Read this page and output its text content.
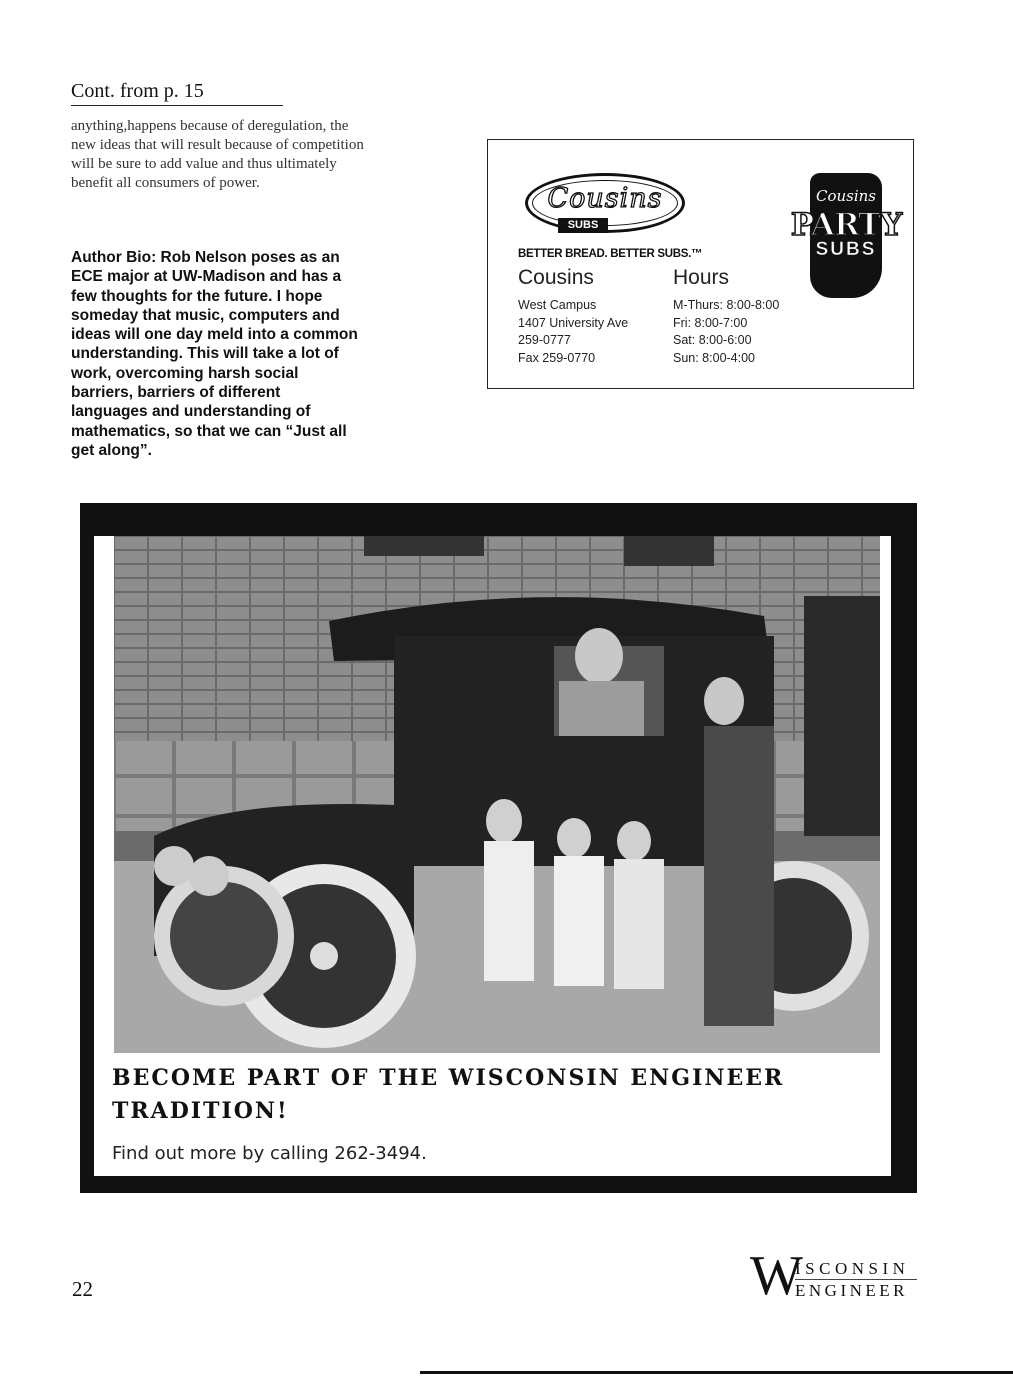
Cont. from p. 15
anything,happens because of deregulation, the new ideas that will result because of competition will be sure to add value and thus ultimately benefit all consumers of power.
Author Bio: Rob Nelson poses as an ECE major at UW-Madison and has a few thoughts for the future. I hope someday that music, computers and ideas will one day meld into a common understanding. This will take a lot of work, overcoming harsh social barriers, barriers of different languages and understanding of mathematics, so that we can “Just all get along”.
Cousins
SUBS
Cousins
PARTY
SUBS
BETTER BREAD. BETTER SUBS.™
Cousins
West Campus
1407 University Ave
259-0777
Fax 259-0770
Hours
M-Thurs: 8:00-8:00
Fri: 8:00-7:00
Sat: 8:00-6:00
Sun: 8:00-4:00
BECOME PART OF THE WISCONSIN ENGINEER
TRADITION!
Find out more by calling 262-3494.
22	W
ISCONSIN
ENGINEER
